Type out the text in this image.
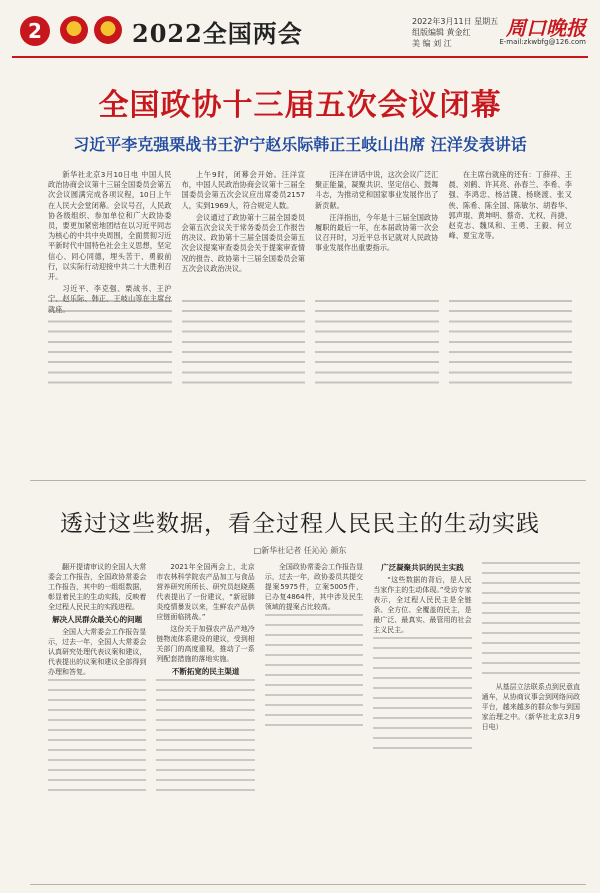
2	2022全国两会	2022年3月11日 星期五
组版编辑 黄金红
美 编 刘 江
周口晚报
E-mail:zkwbfg@126.com
全国政协十三届五次会议闭幕
习近平李克强栗战书王沪宁赵乐际韩正王岐山出席 汪洋发表讲话

新华社北京3月10日电 中国人民政治协商会议第十三届全国委员会第五次会议圆满完成各项议程，10日上午在人民大会堂闭幕。会议号召，人民政协各级组织、参加单位和广大政协委员，要更加紧密地团结在以习近平同志为核心的中共中央周围，全面贯彻习近平新时代中国特色社会主义思想，坚定信心、同心同德，埋头苦干、勇毅前行，以实际行动迎接中共二十大胜利召开。

习近平、李克强、栗战书、王沪宁、赵乐际、韩正、王岐山等在主席台就座。

上午9时，闭幕会开始。汪洋宣布，中国人民政治协商会议第十三届全国委员会第五次会议应出席委员2157人，实到1969人，符合规定人数。

会议通过了政协第十三届全国委员会第五次会议关于常务委员会工作报告的决议、政协第十三届全国委员会第五次会议提案审查委员会关于提案审查情况的报告、政协第十三届全国委员会第五次会议政治决议。

汪洋在讲话中说，这次会议广泛汇聚正能量，凝聚共识、坚定信心、鼓舞斗志，为推动党和国家事业发展作出了新贡献。

汪洋指出，今年是十三届全国政协履职的最后一年，在本届政协第一次会议召开时，习近平总书记就对人民政协事业发展作出重要指示。

在主席台就座的还有：丁薛祥、王晨、刘鹤、许其亮、孙春兰、李希、李强、李鸿忠、杨洁篪、杨晓渡、张又侠、陈希、陈全国、陈敏尔、胡春华、郭声琨、黄坤明、蔡奇、尤权、肖捷、赵克志、魏凤和、王勇、王毅、何立峰、夏宝龙等。

透过这些数据，看全过程人民民主的生动实践
□新华社记者 任沁沁 颜东

翻开提请审议的全国人大常委会工作报告，全国政协常委会工作报告，其中的一组组数据，彰显着民主的生动实践，反映着全过程人民民主的实践进程。

解决人民群众最关心的问题

全国人大常委会工作报告显示，过去一年，全国人大常委会认真研究处理代表议案和建议，代表提出的议案和建议全部得到办理和答复。

2021年全国两会上，北京市农林科学院农产品加工与食品营养研究所所长、研究员赵晓燕代表提出了一份建议，“新冠肺炎疫情暴发以来，生鲜农产品供应链面临挑战。”

这份关于加强农产品产地冷链物流体系建设的建议，受到相关部门的高度重视，推动了一系列配套措施的落地实施。

不断拓宽的民主渠道

全国政协常委会工作报告显示，过去一年，政协委员共提交提案5975件，立案5005件，已办复4864件，其中涉及民生领域的提案占比较高。

广泛凝聚共识的民主实践

“这些数据的背后，是人民当家作主的生动体现。”受访专家表示，全过程人民民主是全链条、全方位、全覆盖的民主，是最广泛、最真实、最管用的社会主义民主。

从基层立法联系点到民意直通车，从协商议事会到网络问政平台，越来越多的群众参与到国家治理之中。（新华社北京3月9日电）
